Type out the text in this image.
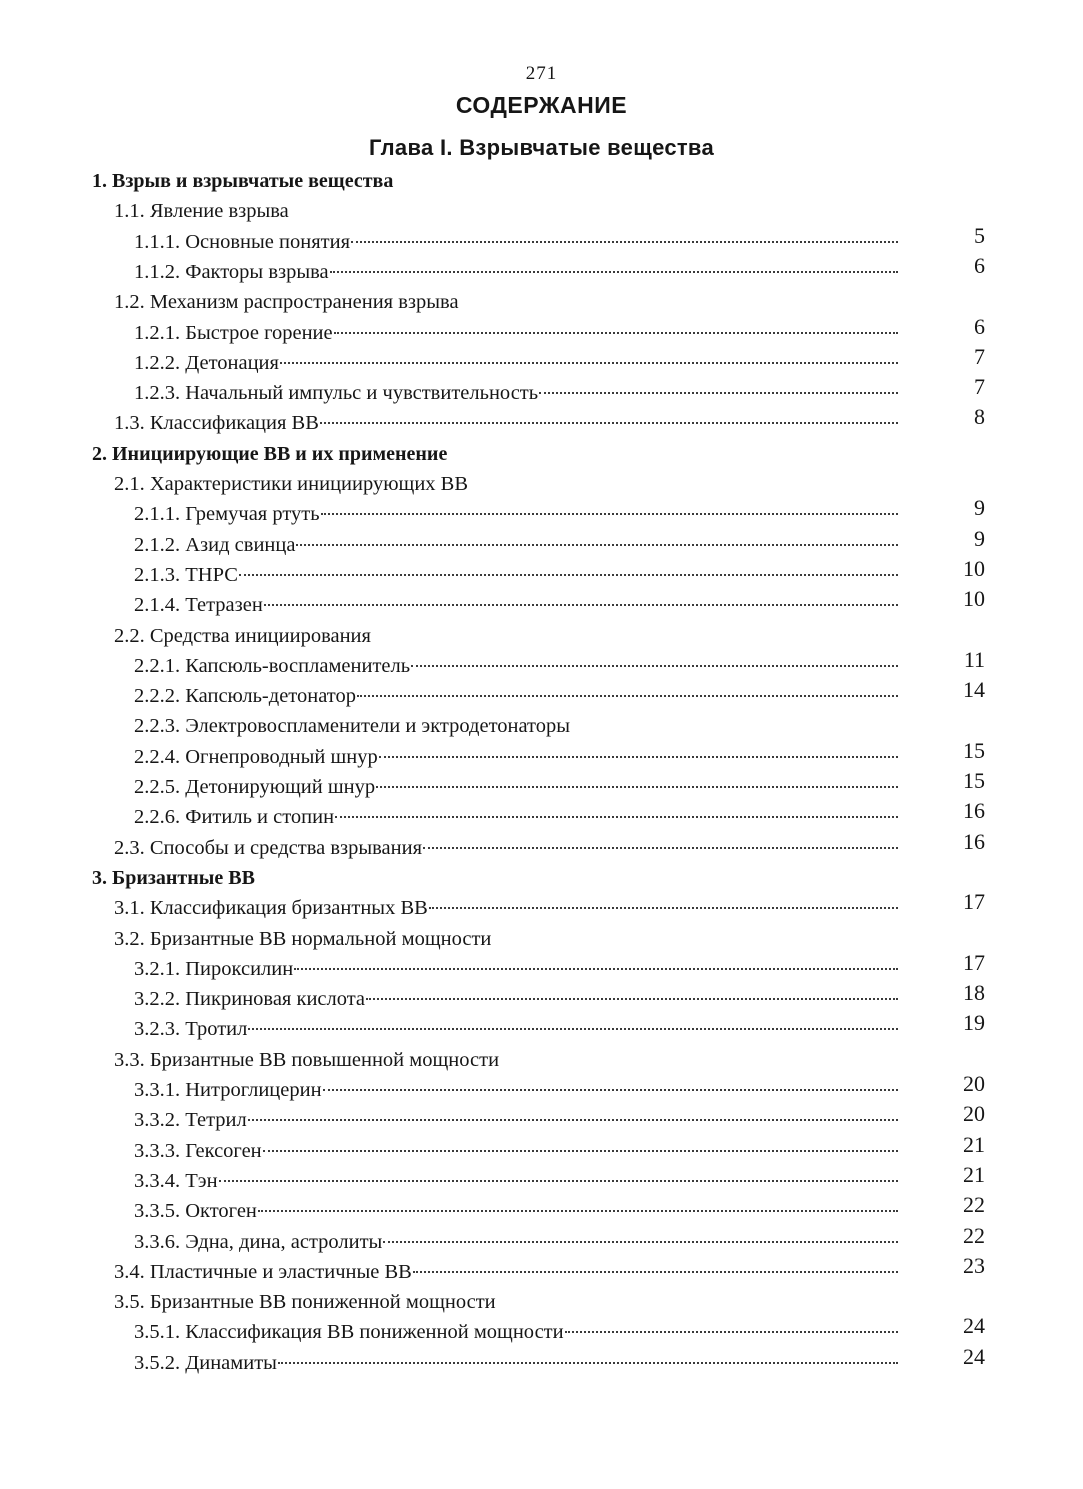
271
СОДЕРЖАНИЕ
Глава I. Взрывчатые вещества
1. Взрыв и взрывчатые вещества
1.1. Явление взрыва
5
1.1.1. Основные понятия
6
1.1.2. Факторы взрыва
1.2. Механизм распространения взрыва
6
1.2.1. Быстрое горение
7
1.2.2. Детонация
7
1.2.3. Начальный импульс и чувствительность
8
1.3. Классификация ВВ
2. Инициирующие ВВ и их применение
2.1. Характеристики инициирующих ВВ
9
2.1.1. Гремучая ртуть
9
2.1.2. Азид свинца
10
2.1.3. ТНРС
10
2.1.4. Тетразен
2.2. Средства инициирования
11
2.2.1. Капсюль-воспламенитель
14
2.2.2. Капсюль-детонатор
2.2.3. Электровоспламенители и эктродетонаторы
15
2.2.4. Огнепроводный шнур
15
2.2.5. Детонирующий шнур
16
2.2.6. Фитиль и стопин
16
2.3. Способы и средства взрывания
3. Бризантные ВВ
17
3.1. Классификация бризантных ВВ
3.2. Бризантные ВВ нормальной мощности
17
3.2.1. Пироксилин
18
3.2.2. Пикриновая кислота
19
3.2.3. Тротил
3.3. Бризантные ВВ повышенной мощности
20
3.3.1. Нитроглицерин
20
3.3.2. Тетрил
21
3.3.3. Гексоген
21
3.3.4. Тэн
22
3.3.5. Октоген
22
3.3.6. Эдна, дина, астролиты
23
3.4. Пластичные и эластичные ВВ
3.5. Бризантные ВВ пониженной мощности
24
3.5.1. Классификация ВВ пониженной мощности
24
3.5.2. Динамиты
